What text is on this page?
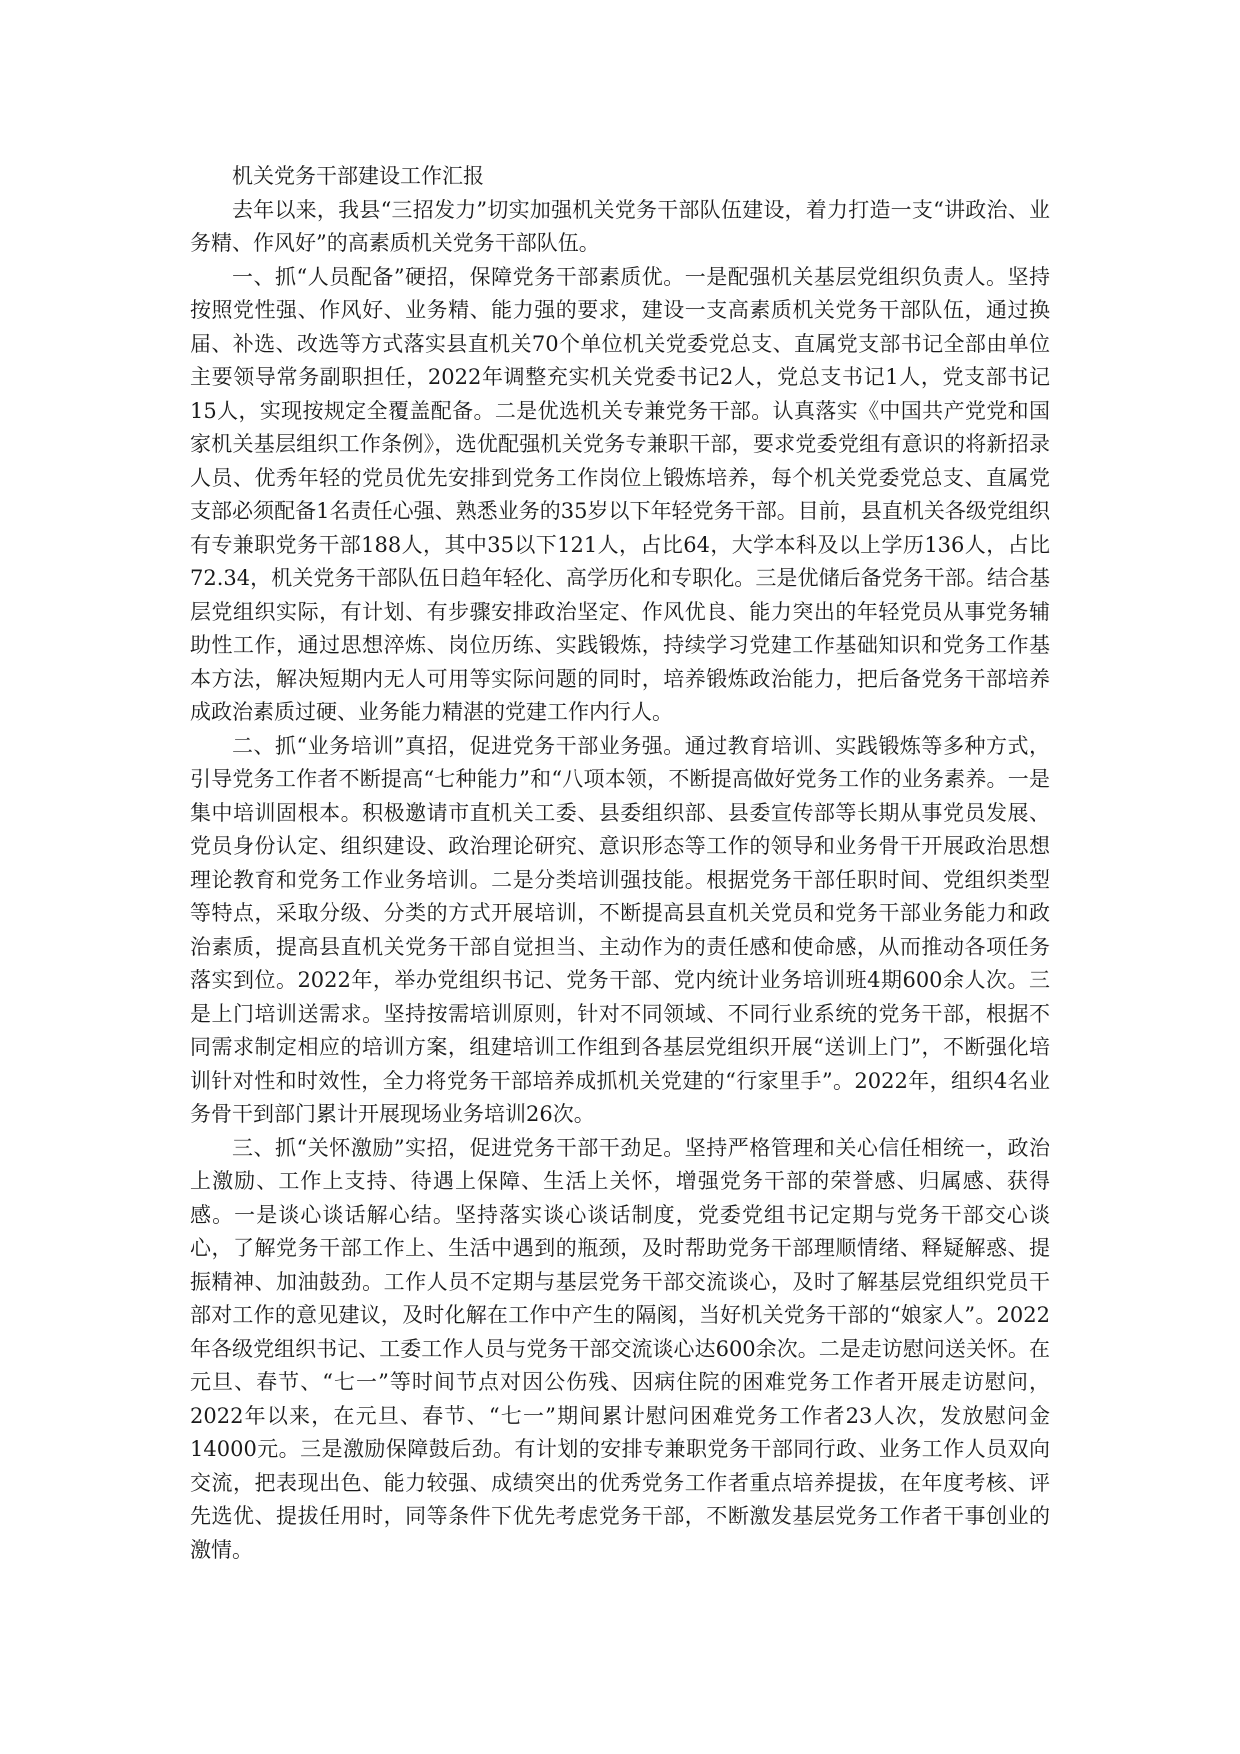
机关党务干部建设工作汇报

去年以来，我县“三招发力”切实加强机关党务干部队伍建设，着力打造一支“讲政治、业务精、作风好”的高素质机关党务干部队伍。

一、抓“人员配备”硬招，保障党务干部素质优。一是配强机关基层党组织负责人。坚持按照党性强、作风好、业务精、能力强的要求，建设一支高素质机关党务干部队伍，通过换届、补选、改选等方式落实县直机关70个单位机关党委党总支、直属党支部书记全部由单位主要领导常务副职担任，2022年调整充实机关党委书记2人，党总支书记1人，党支部书记15人，实现按规定全覆盖配备。二是优选机关专兼党务干部。认真落实《中国共产党党和国家机关基层组织工作条例》，选优配强机关党务专兼职干部，要求党委党组有意识的将新招录人员、优秀年轻的党员优先安排到党务工作岗位上锻炼培养，每个机关党委党总支、直属党支部必须配备1名责任心强、熟悉业务的35岁以下年轻党务干部。目前，县直机关各级党组织有专兼职党务干部188人，其中35以下121人，占比64，大学本科及以上学历136人，占比72.34，机关党务干部队伍日趋年轻化、高学历化和专职化。三是优储后备党务干部。结合基层党组织实际，有计划、有步骤安排政治坚定、作风优良、能力突出的年轻党员从事党务辅助性工作，通过思想淬炼、岗位历练、实践锻炼，持续学习党建工作基础知识和党务工作基本方法，解决短期内无人可用等实际问题的同时，培养锻炼政治能力，把后备党务干部培养成政治素质过硬、业务能力精湛的党建工作内行人。

二、抓“业务培训”真招，促进党务干部业务强。通过教育培训、实践锻炼等多种方式，引导党务工作者不断提高“七种能力”和“八项本领，不断提高做好党务工作的业务素养。一是集中培训固根本。积极邀请市直机关工委、县委组织部、县委宣传部等长期从事党员发展、党员身份认定、组织建设、政治理论研究、意识形态等工作的领导和业务骨干开展政治思想理论教育和党务工作业务培训。二是分类培训强技能。根据党务干部任职时间、党组织类型等特点，采取分级、分类的方式开展培训，不断提高县直机关党员和党务干部业务能力和政治素质，提高县直机关党务干部自觉担当、主动作为的责任感和使命感，从而推动各项任务落实到位。2022年，举办党组织书记、党务干部、党内统计业务培训班4期600余人次。三是上门培训送需求。坚持按需培训原则，针对不同领域、不同行业系统的党务干部，根据不同需求制定相应的培训方案，组建培训工作组到各基层党组织开展“送训上门”，不断强化培训针对性和时效性，全力将党务干部培养成抓机关党建的“行家里手”。2022年，组织4名业务骨干到部门累计开展现场业务培训26次。

三、抓“关怀激励”实招，促进党务干部干劲足。坚持严格管理和关心信任相统一，政治上激励、工作上支持、待遇上保障、生活上关怀，增强党务干部的荣誉感、归属感、获得感。一是谈心谈话解心结。坚持落实谈心谈话制度，党委党组书记定期与党务干部交心谈心，了解党务干部工作上、生活中遇到的瓶颈，及时帮助党务干部理顺情绪、释疑解惑、提振精神、加油鼓劲。工作人员不定期与基层党务干部交流谈心，及时了解基层党组织党员干部对工作的意见建议，及时化解在工作中产生的隔阂，当好机关党务干部的“娘家人”。2022年各级党组织书记、工委工作人员与党务干部交流谈心达600余次。二是走访慰问送关怀。在元旦、春节、“七一”等时间节点对因公伤残、因病住院的困难党务工作者开展走访慰问，2022年以来，在元旦、春节、“七一”期间累计慰问困难党务工作者23人次，发放慰问金14000元。三是激励保障鼓后劲。有计划的安排专兼职党务干部同行政、业务工作人员双向交流，把表现出色、能力较强、成绩突出的优秀党务工作者重点培养提拔，在年度考核、评先选优、提拔任用时，同等条件下优先考虑党务干部，不断激发基层党务工作者干事创业的激情。
